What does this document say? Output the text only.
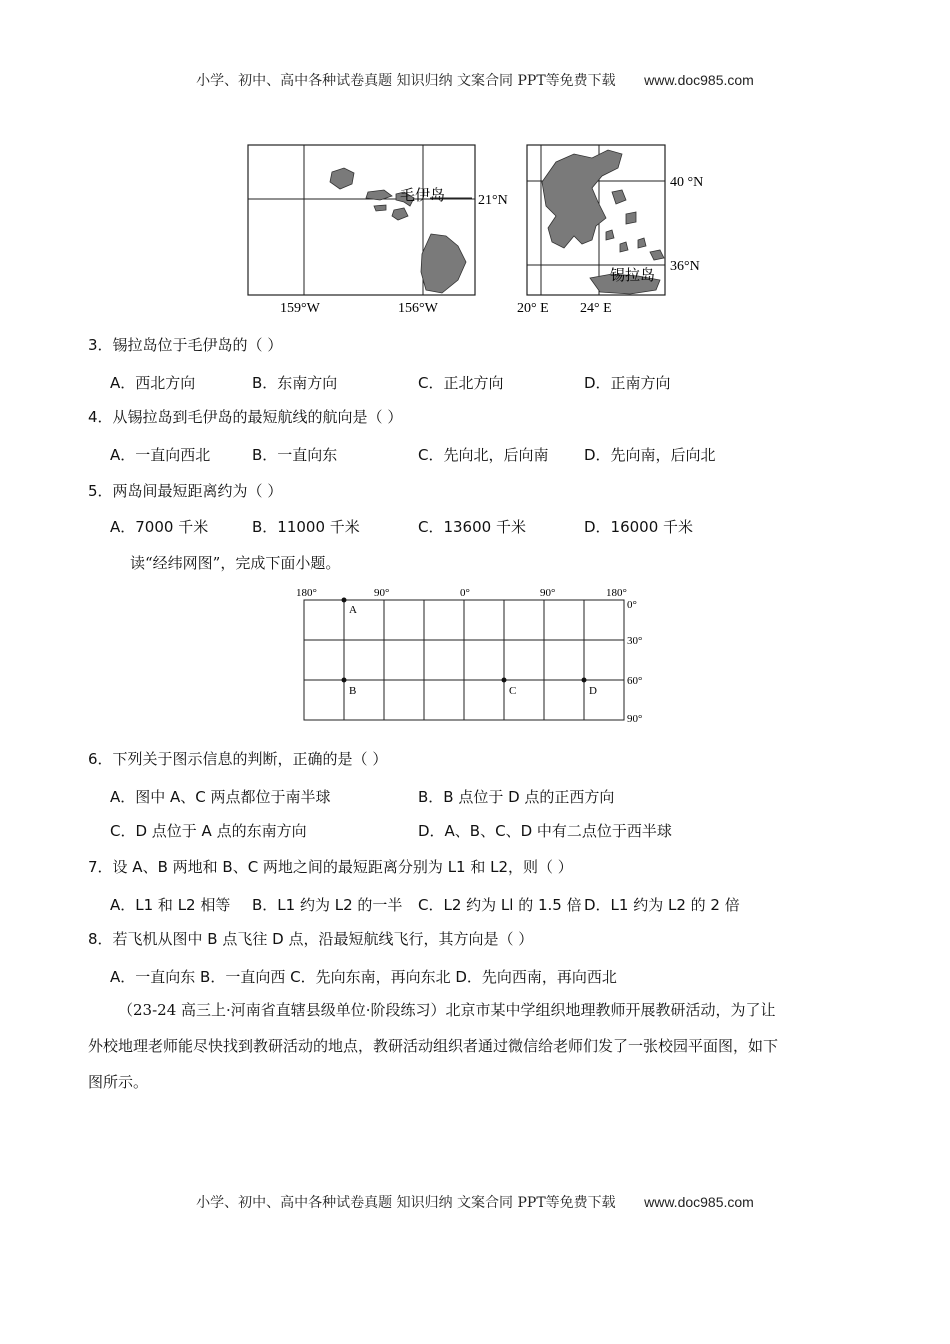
小学、初中、高中各种试卷真题 知识归纳 文案合同 PPT等免费下载 www.doc985.com
毛伊岛 21°N
159°W	156°W
40 °N
36°N
锡拉岛
20° E 24° E
3．锡拉岛位于毛伊岛的（ ）
A．西北方向	B．东南方向	C．正北方向	D．正南方向
4．从锡拉岛到毛伊岛的最短航线的航向是（ ）
A．一直向西北	B．一直向东	C．先向北，后向南 D．先向南，后向北
5．两岛间最短距离约为（ ）
A．7000 千米	B．11000 千米	C．13600 千米	D．16000 千米
读“经纬网图”，完成下面小题。
180°	90°	0°	90°	180°
0°
30°
60°
90°
A
B	C	D
6．下列关于图示信息的判断，正确的是（ ）
A．图中 A、C 两点都位于南半球	B．B 点位于 D 点的正西方向
C．D 点位于 A 点的东南方向	D．A、B、C、D 中有二点位于西半球
7．设 A、B 两地和 B、C 两地之间的最短距离分别为 L1 和 L2，则（ ）
A．L1 和 L2 相等 B．L1 约为 L2 的一半 C．L2 约为 Ll 的 1.5 倍 D．L1 约为 L2 的 2 倍
8．若飞机从图中 B 点飞往 D 点，沿最短航线飞行，其方向是（ ）
A．一直向东 B．一直向西 C．先向东南，再向东北 D．先向西南，再向西北
（23-24 高三上·河南省直辖县级单位·阶段练习）北京市某中学组织地理教师开展教研活动，为了让
外校地理老师能尽快找到教研活动的地点，教研活动组织者通过微信给老师们发了一张校园平面图，如下
图所示。
小学、初中、高中各种试卷真题 知识归纳 文案合同 PPT等免费下载 www.doc985.com
